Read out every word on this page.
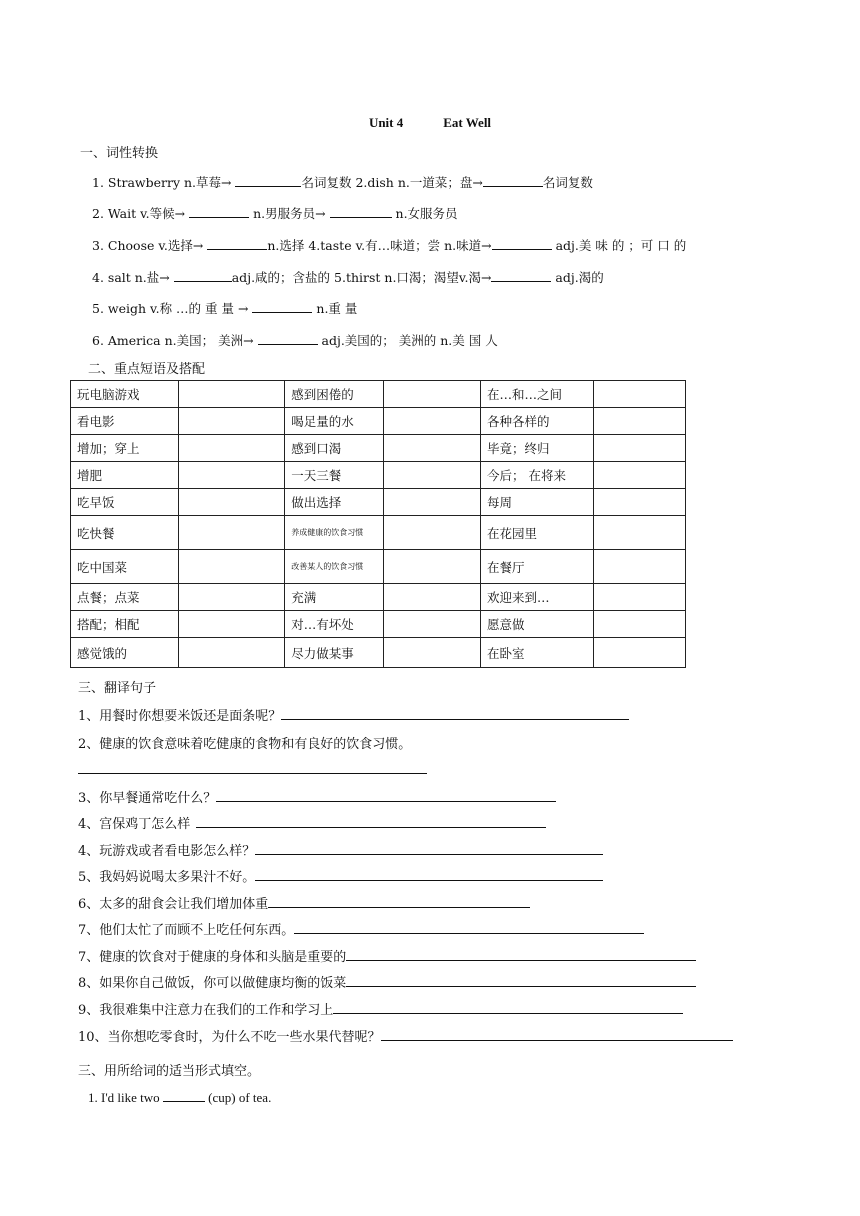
Unit 4	Eat Well
一、词性转换
1. Strawberry n.草莓→	名词复数 2.dish n.一道菜；盘→	名词复数
2. Wait v.等候→	n.男服务员→	n.女服务员
3. Choose v.选择→	n.选择 4.taste v.有…味道；尝 n.味道→	adj.美 味 的 ；可 口 的
4. salt n.盐→	adj.咸的；含盐的 5.thirst n.口渴；渴望v.渴→	adj.渴的
5. weigh v.称 …的 重 量 →	n.重 量
6. America n.美国； 美洲→	adj.美国的； 美洲的 n.美 国 人
二、重点短语及搭配
玩电脑游戏		感到困倦的		在…和…之间	
看电影		喝足量的水		各种各样的	
增加；穿上		感到口渴		毕竟；终归	
增肥		一天三餐		今后； 在将来	
吃早饭		做出选择		每周	
吃快餐		养成健康的饮食习惯		在花园里	
吃中国菜		改善某人的饮食习惯		在餐厅	
点餐；点菜		充满		欢迎来到…	
搭配；相配		对…有坏处		愿意做	
感觉饿的		尽力做某事		在卧室	
三、翻译句子
1、用餐时你想要米饭还是面条呢？
2、健康的饮食意味着吃健康的食物和有良好的饮食习惯。
3、你早餐通常吃什么？
4、宫保鸡丁怎么样
4、玩游戏或者看电影怎么样？
5、我妈妈说喝太多果汁不好。
6、太多的甜食会让我们增加体重
7、他们太忙了而顾不上吃任何东西。
7、健康的饮食对于健康的身体和头脑是重要的
8、如果你自己做饭，你可以做健康均衡的饭菜
9、我很难集中注意力在我们的工作和学习上
10、当你想吃零食时，为什么不吃一些水果代替呢？
三、用所给词的适当形式填空。
1. I'd like two	(cup) of tea.
